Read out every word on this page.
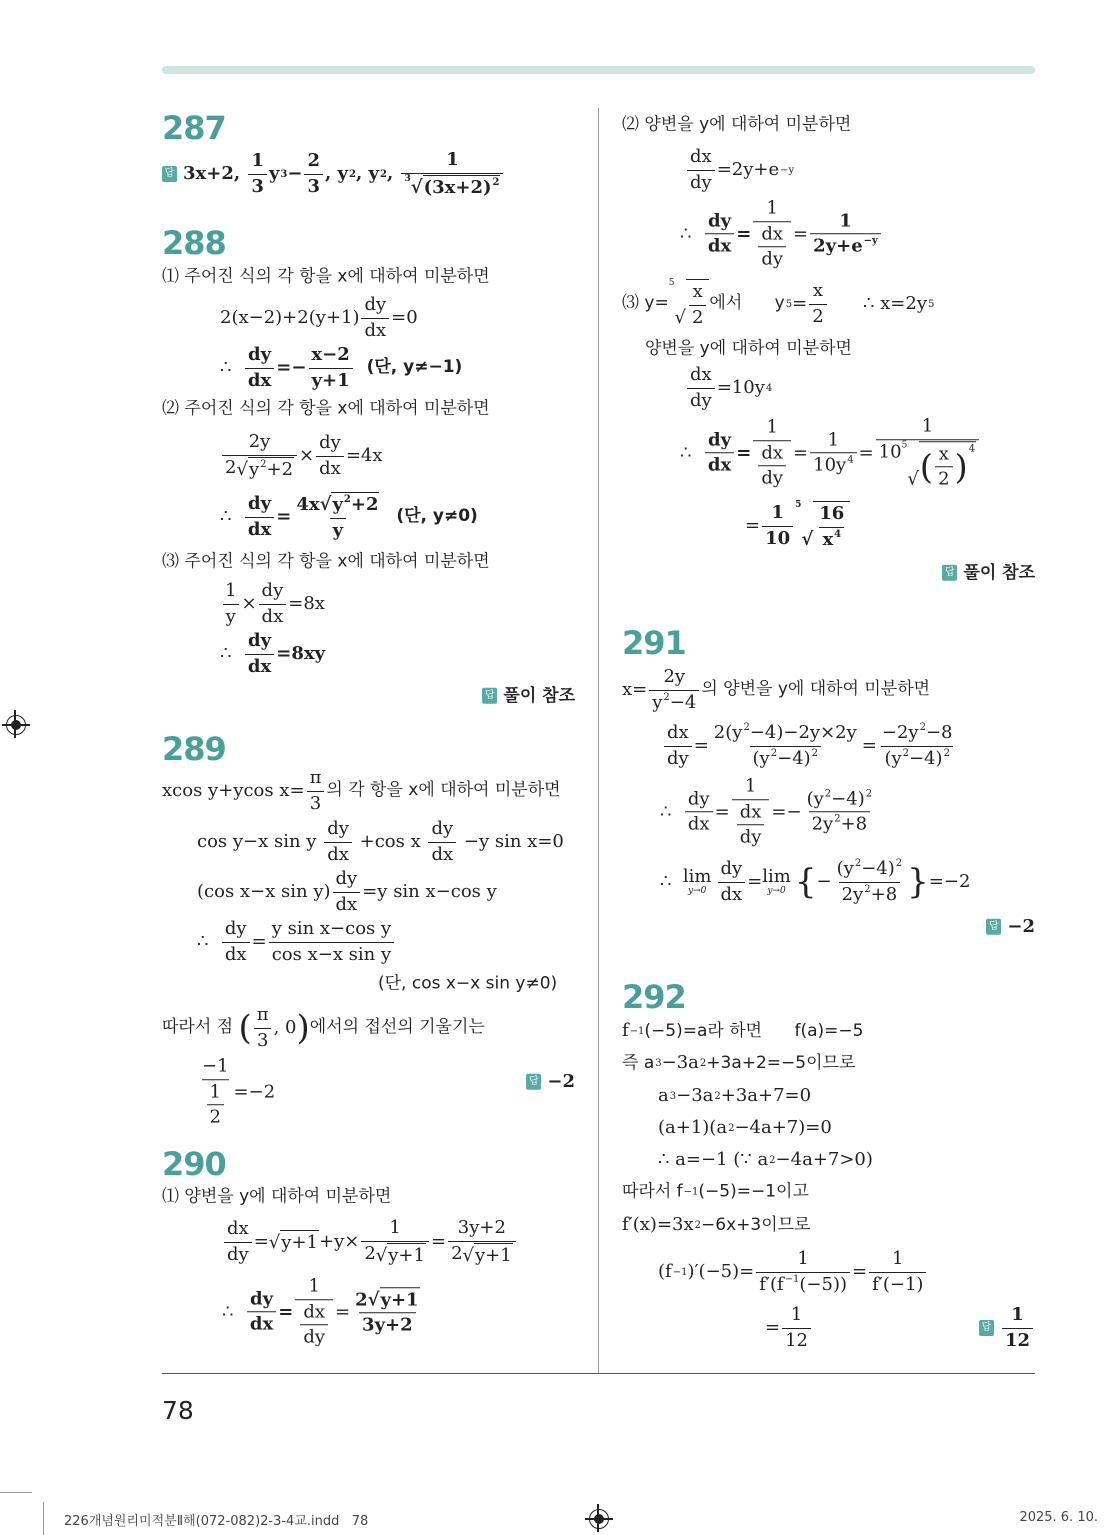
287
답 3x+2, $\frac{1}{3}$ y $3 - \frac{2}{3}$ , y 2 , y 2 , $\frac{1}{3 √ (3x+2) 2}$
288
⑴ 주어진 식의 각 항을 x에 대하여 미분하면
$2(x-2)+2(y+1) \frac{dy}{dx} =0$
∴ $\frac{dy}{dx} =- \frac{x-2}{y+1}$ (단, y≠−1)
⑵ 주어진 식의 각 항을 x에 대하여 미분하면
$\frac{2y}{2 √ y 2 +2} \times \frac{dy}{dx} =4x$
∴ $\frac{dy}{dx} = \frac{4x √ y 2 +2}{y}$ (단, y≠0)
⑶ 주어진 식의 각 항을 x에 대하여 미분하면
$\frac{1}{y} \times \frac{dy}{dx} =8x$
∴ $\frac{dy}{dx} =8xy$
답 풀이 참조
289
xcos y+ycos $x= \frac{\pi}{3}$ 의 각 항을 x에 대하여 미분하면
cos y−x sin y $\frac{dy}{dx} +\cos$ x $\frac{dy}{dx} -y$ sin x=0
(cos x−x $\sin y) \frac{dy}{dx} =y$ sin x−cos y
∴ $\frac{dy}{dx} = \frac{\text{y sin x−cos y}}{\text{cos x−x sin y}}$
(단, cos x−x sin y≠0)
따라서 점 ( $\frac{\pi}{3}$ , 0 ) 에서의 접선의 기울기는
$\frac{-1}{\frac{1}{2}} =-2$	답 −2
290
⑴ 양변을 y에 대하여 미분하면
$\frac{dx}{dy}$ = √ $y+1 +y\times \frac{1}{2 √ y+1} = \frac{3y+2}{2 √ y+1}$
∴ $\frac{dy}{dx}$ =
1
$\frac{dx}{dy} = \frac{2 √ y+1}{3y+2}$
⑵ 양변을 y에 대하여 미분하면
$\frac{dx}{dy} =2y+e -y$
∴ $\frac{dy}{dx}$ =
1
$\frac{dx}{dy} = \frac{1}{2y+e -y}$
⑶ y=
5
√ $\frac{x}{2}$ 에서      y $5 = \frac{x}{2}$ ∴ x=2y 5
양변을 y에 대하여 미분하면
$\frac{dx}{dy} =10y$ 4
∴ $\frac{dy}{dx}$ =
1
$\frac{dx}{dy} = \frac{1}{10y 4} = 1$
10 5
√ ( $\frac{x}{2}$ ) 4
= $\frac{1}{10} 5$
√ $\frac{16}{x 4}$
답 풀이 참조
291
$x= \frac{2y}{y 2 -4}$ 의 양변을 y에 대하여 미분하면
$\frac{dx}{dy} = \frac{2(y 2 -4)-2y\times 2y}{(y 2 -4) 2} = \frac{-2y 2 -8}{(y 2 -4) 2}$
∴ $\frac{dy}{dx}$ =
1
$\frac{dx}{dy} =- \frac{(y 2 -4) 2}{2y 2 +8}$
∴ lim
$y\to 0 \frac{dy}{dx} = \lim$
y→0 { − $\frac{(y 2 -4) 2}{2y 2 +8}$ } =−2
답 −2
292
f −1 (−5)=a라 하면      f(a)=−5
즉 a 3 −3a 2 +3a+2=−5이므로
a 3 −3a 2 +3a+7=0
(a+1)(a 2 −4a+7)=0
∴ a=−1 (∵ a 2 −4a+7>0)
따라서 f −1 (−5)=−1이고
f′(x)=3x 2 −6x+3이므로
(f −1 )$'(-5)= \frac{1}{f'(f -1 (-5))} = \frac{1}{f'(-1)}$
= $\frac{1}{12}$	답 $\frac{1}{12}$
78
226개념원리미적분Ⅱ해(072-082)2-3-4교.indd   78	2025. 6. 10.
